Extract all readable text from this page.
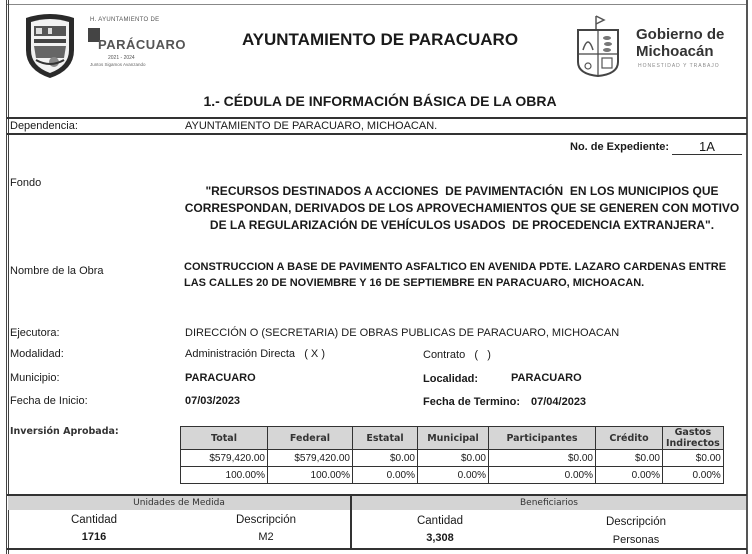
H. AYUNTAMIENTO DE
PARÁCUARO
2021 - 2024
Juntos Sigamos Avanzando
AYUNTAMIENTO DE PARACUARO	Gobierno de
Michoacán
HONESTIDAD Y TRABAJO
1.- CÉDULA DE INFORMACIÓN BÁSICA DE LA OBRA
Dependencia:	AYUNTAMIENTO DE PARACUARO, MICHOACAN.
No. de Expediente:	1A
Fondo
"RECURSOS DESTINADOS A ACCIONES  DE PAVIMENTACIÓN  EN LOS MUNICIPIOS QUE
CORRESPONDAN, DERIVADOS DE LOS APROVECHAMIENTOS QUE SE GENEREN CON MOTIVO
DE LA REGULARIZACIÓN DE VEHÍCULOS USADOS  DE PROCEDENCIA EXTRANJERA".
Nombre de la Obra	CONSTRUCCION A BASE DE PAVIMENTO ASFALTICO EN AVENIDA PDTE. LAZARO CARDENAS ENTRE
LAS CALLES 20 DE NOVIEMBRE Y 16 DE SEPTIEMBRE EN PARACUARO, MICHOACAN.
Ejecutora:	DIRECCIÓN O (SECRETARIA) DE OBRAS PUBLICAS DE PARACUARO, MICHOACAN
Modalidad:	Administración Directa   ( X )	Contrato   (   )
Municipio:	PARACUARO	Localidad:	PARACUARO
Fecha de Inicio:	07/03/2023	Fecha de Termino: 07/04/2023
Inversión Aprobada:
Total	Federal	Estatal	Municipal	Participantes	Crédito	Gastos Indirectos
$579,420.00	$579,420.00	$0.00	$0.00	$0.00	$0.00	$0.00
100.00%	100.00%	0.00%	0.00%	0.00%	0.00%	0.00%
Unidades de Medida	Beneficiarios
Cantidad	Descripción
1716	M2
Cantidad	Descripción
3,308	Personas
